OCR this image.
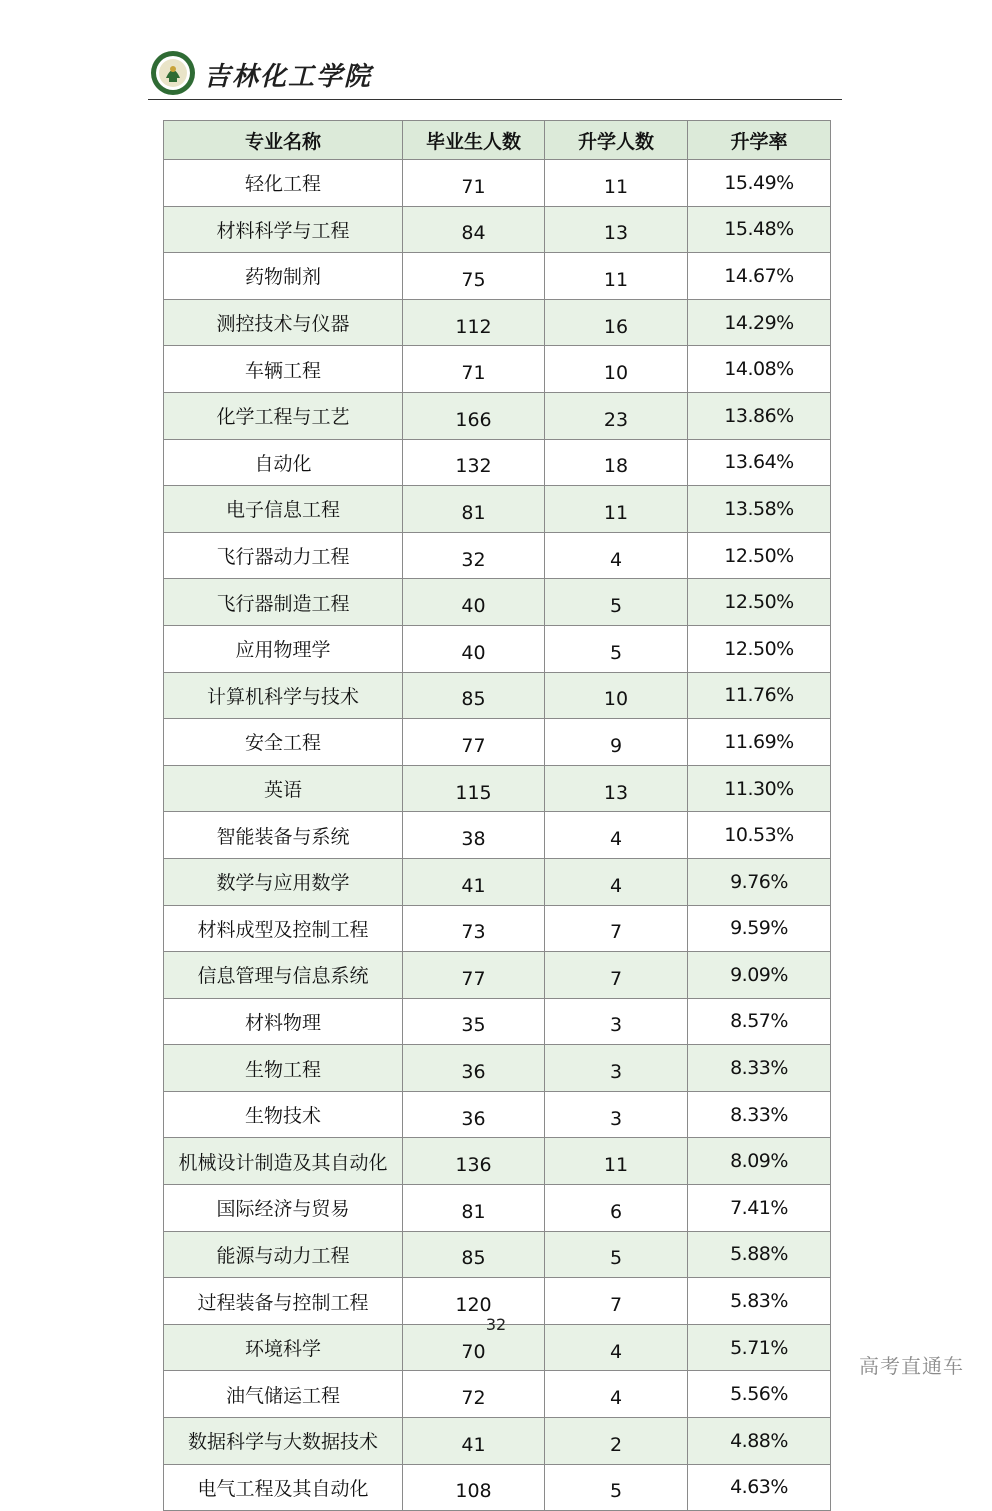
吉林化工学院
专业名称	毕业生人数	升学人数	升学率
轻化工程	71	11	15.49%
材料科学与工程	84	13	15.48%
药物制剂	75	11	14.67%
测控技术与仪器	112	16	14.29%
车辆工程	71	10	14.08%
化学工程与工艺	166	23	13.86%
自动化	132	18	13.64%
电子信息工程	81	11	13.58%
飞行器动力工程	32	4	12.50%
飞行器制造工程	40	5	12.50%
应用物理学	40	5	12.50%
计算机科学与技术	85	10	11.76%
安全工程	77	9	11.69%
英语	115	13	11.30%
智能装备与系统	38	4	10.53%
数学与应用数学	41	4	9.76%
材料成型及控制工程	73	7	9.59%
信息管理与信息系统	77	7	9.09%
材料物理	35	3	8.57%
生物工程	36	3	8.33%
生物技术	36	3	8.33%
机械设计制造及其自动化	136	11	8.09%
国际经济与贸易	81	6	7.41%
能源与动力工程	85	5	5.88%
过程装备与控制工程	120	7	5.83%
环境科学	70	4	5.71%
油气储运工程	72	4	5.56%
数据科学与大数据技术	41	2	4.88%
电气工程及其自动化	108	5	4.63%
32
高考直通车
